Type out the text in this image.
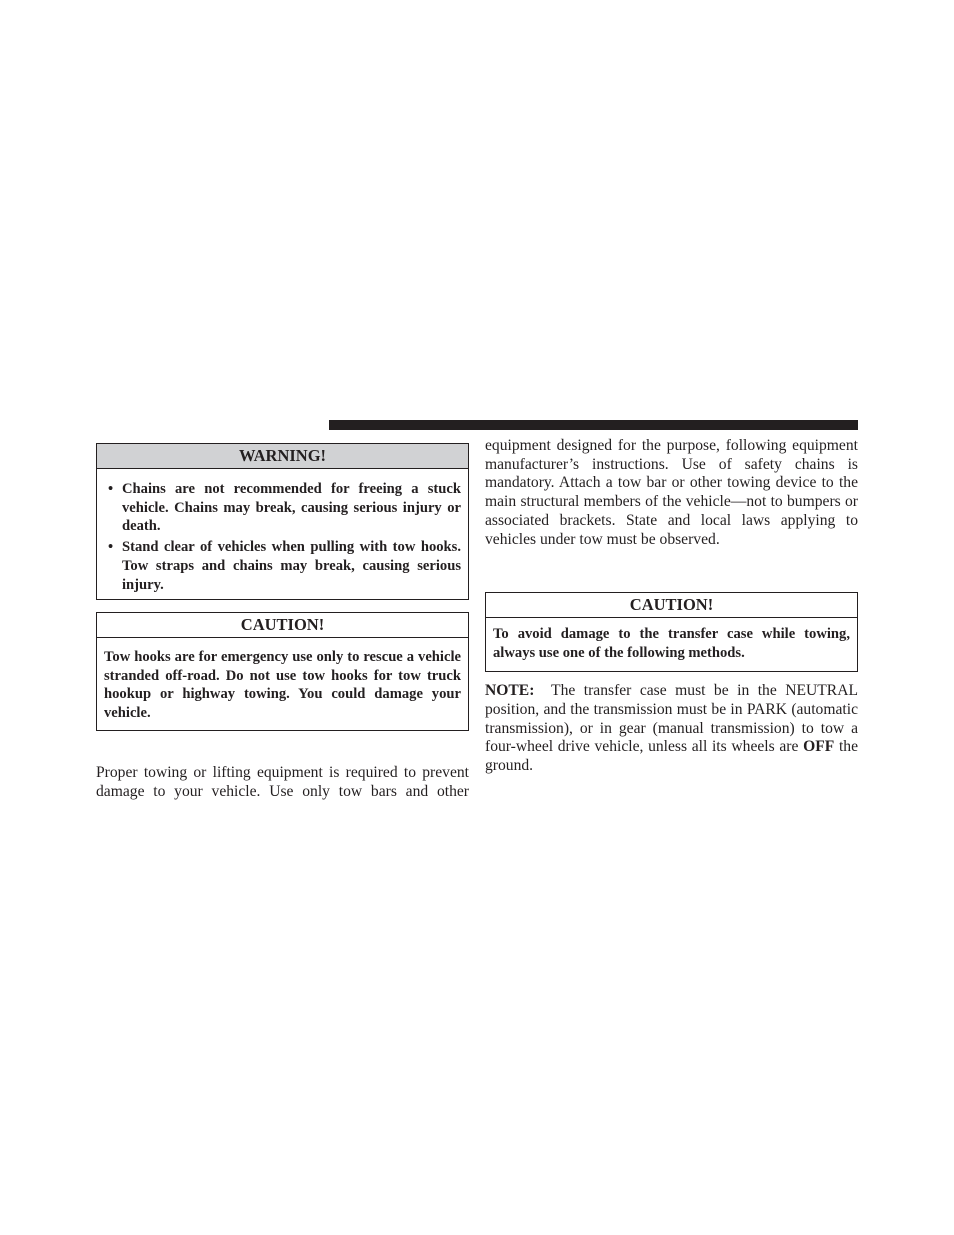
WARNING!
• Chains are not recommended for freeing a stuck vehicle. Chains may break, causing serious injury or death.
• Stand clear of vehicles when pulling with tow hooks. Tow straps and chains may break, causing serious injury.
CAUTION!
Tow hooks are for emergency use only to rescue a vehicle stranded off-road. Do not use tow hooks for tow truck hookup or highway towing. You could damage your vehicle.

Proper towing or lifting equipment is required to prevent damage to your vehicle. Use only tow bars and other

equipment designed for the purpose, following equipment manufacturer’s instructions. Use of safety chains is mandatory. Attach a tow bar or other towing device to the main structural members of the vehicle—not to bumpers or associated brackets. State and local laws applying to vehicles under tow must be observed.

CAUTION!
To avoid damage to the transfer case while towing, always use one of the following methods.

NOTE: The transfer case must be in the NEUTRAL position, and the transmission must be in PARK (automatic transmission), or in gear (manual transmission) to tow a four-wheel drive vehicle, unless all its wheels are OFF the ground.
